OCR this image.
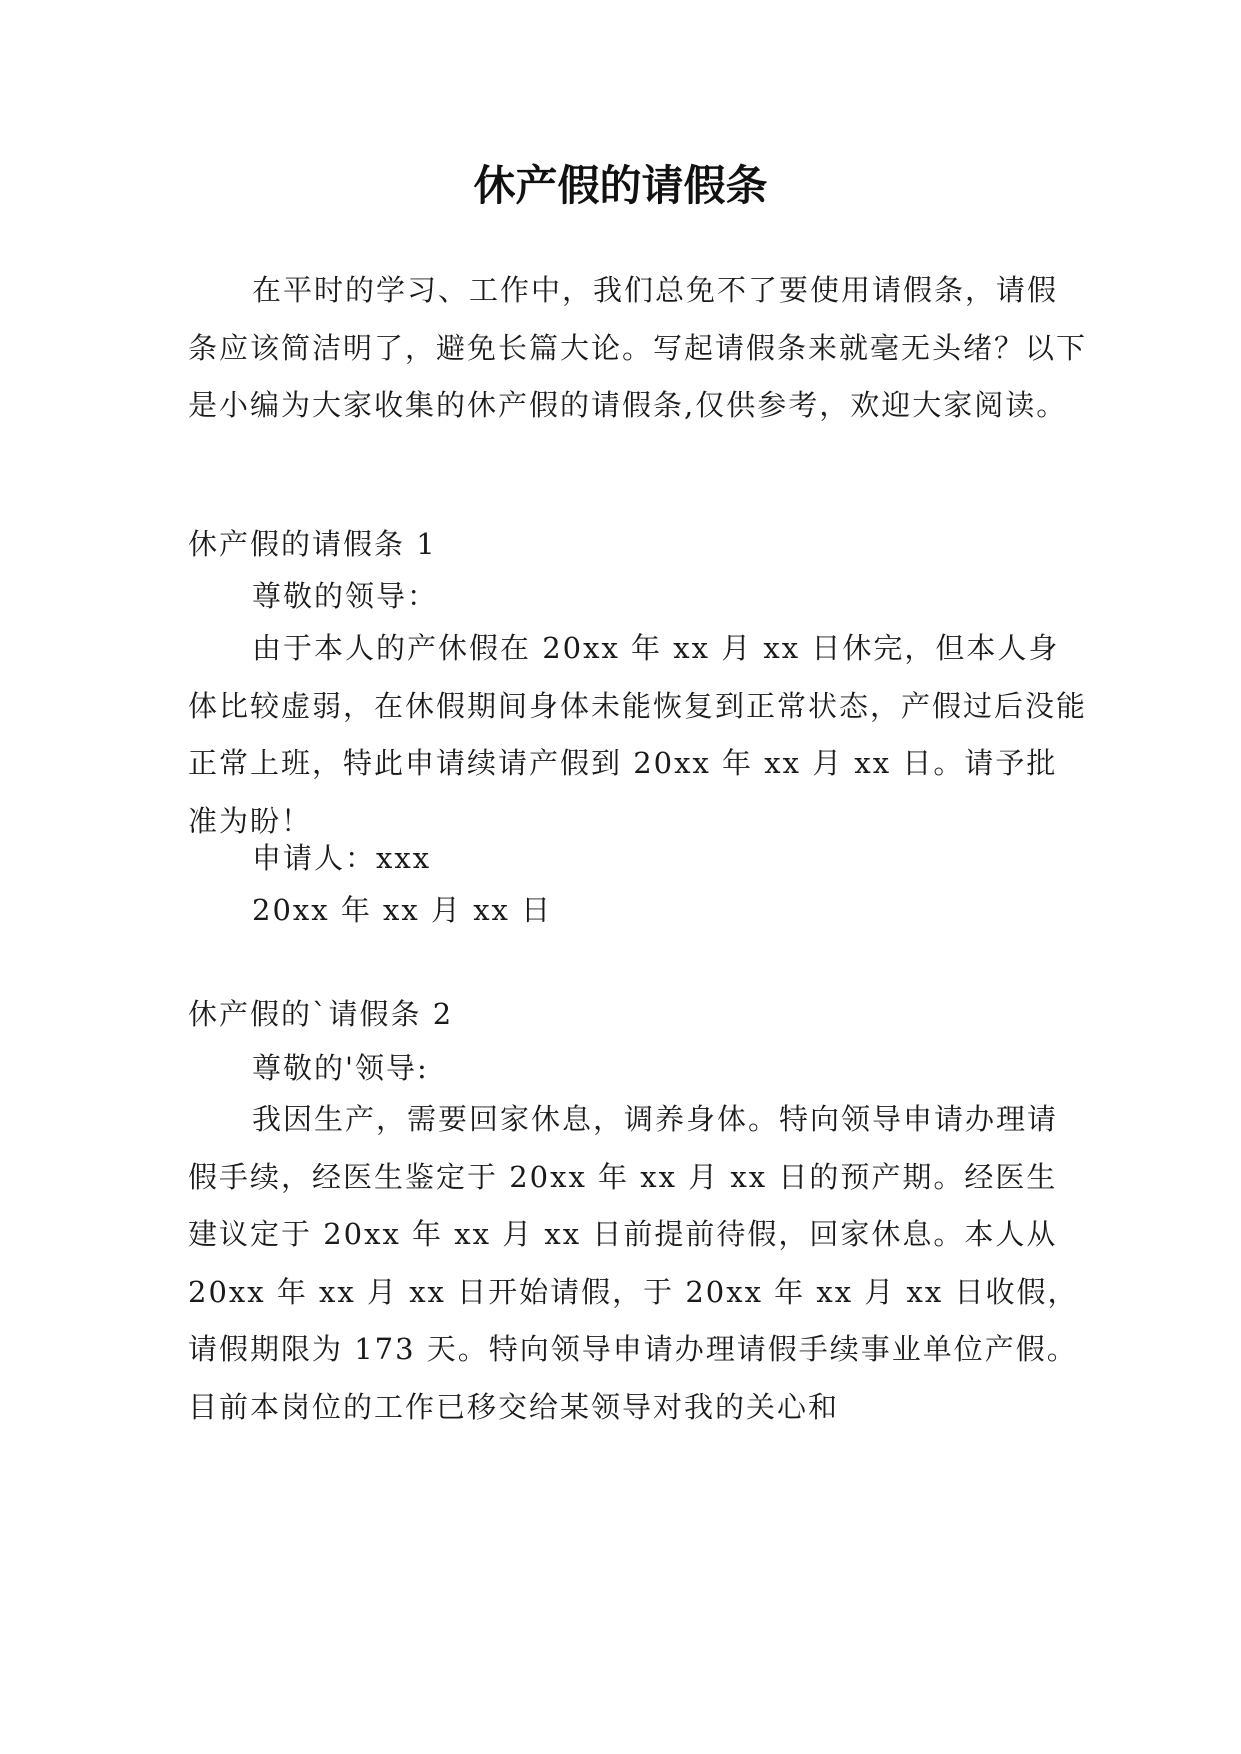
休产假的请假条

在平时的学习、工作中，我们总免不了要使用请假条，请假条应该简洁明了，避免长篇大论。写起请假条来就毫无头绪？以下是小编为大家收集的休产假的请假条,仅供参考，欢迎大家阅读。

休产假的请假条 1

尊敬的领导：

由于本人的产休假在 20xx 年 xx 月 xx 日休完，但本人身体比较虚弱，在休假期间身体未能恢复到正常状态，产假过后没能正常上班，特此申请续请产假到 20xx 年 xx 月 xx 日。请予批准为盼！

申请人：xxx

20xx 年 xx 月 xx 日

休产假的`请假条 2

尊敬的'领导:

我因生产，需要回家休息，调养身体。特向领导申请办理请假手续，经医生鉴定于 20xx 年 xx 月 xx 日的预产期。经医生建议定于 20xx 年 xx 月 xx 日前提前待假，回家休息。本人从 20xx 年 xx 月 xx 日开始请假，于 20xx 年 xx 月 xx 日收假，请假期限为 173 天。特向领导申请办理请假手续事业单位产假。目前本岗位的工作已移交给某领导对我的关心和
